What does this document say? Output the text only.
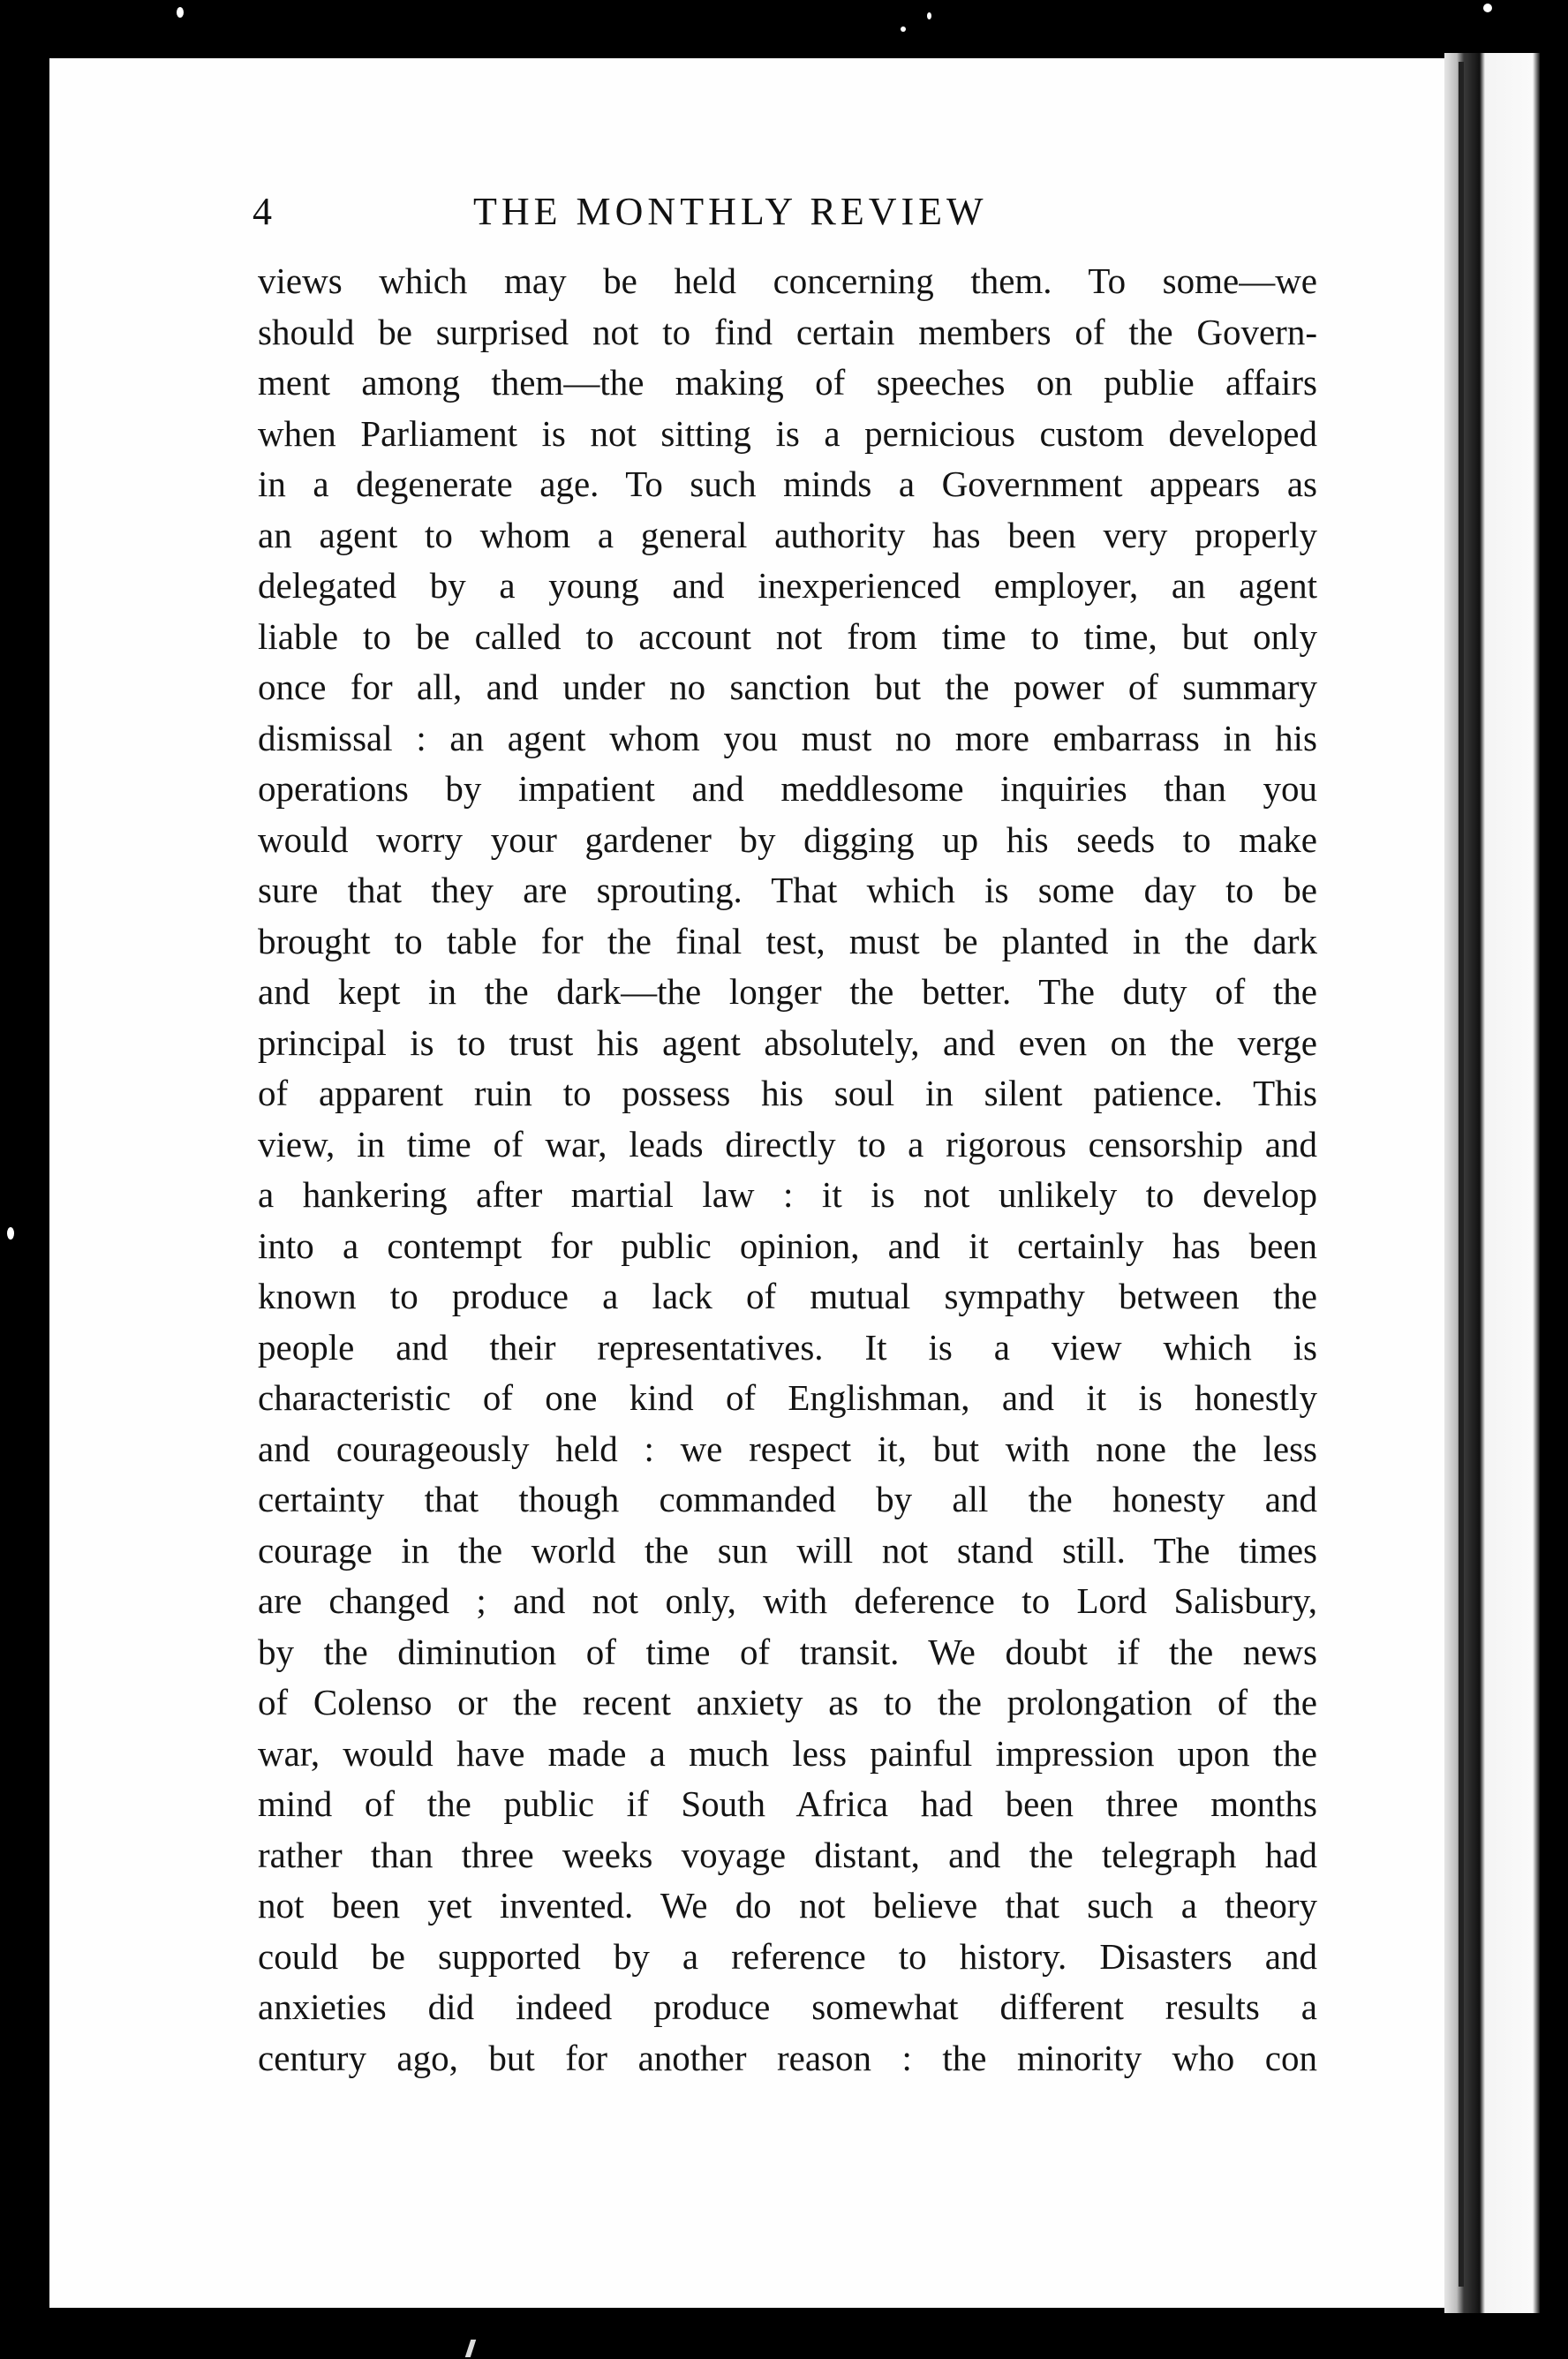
4	THE MONTHLY REVIEW
views which may be held concerning them. To some—we
should be surprised not to find certain members of the Govern-
ment among them—the making of speeches on publie affairs
when Parliament is not sitting is a pernicious custom developed
in a degenerate age. To such minds a Government appears as
an agent to whom a general authority has been very properly
delegated by a young and inexperienced employer, an agent
liable to be called to account not from time to time, but only
once for all, and under no sanction but the power of summary
dismissal : an agent whom you must no more embarrass in his
operations by impatient and meddlesome inquiries than you
would worry your gardener by digging up his seeds to make
sure that they are sprouting. That which is some day to be
brought to table for the final test, must be planted in the dark
and kept in the dark—the longer the better. The duty of the
principal is to trust his agent absolutely, and even on the verge
of apparent ruin to possess his soul in silent patience. This
view, in time of war, leads directly to a rigorous censorship and
a hankering after martial law : it is not unlikely to develop
into a contempt for public opinion, and it certainly has been
known to produce a lack of mutual sympathy between the
people and their representatives. It is a view which is
characteristic of one kind of Englishman, and it is honestly
and courageously held : we respect it, but with none the less
certainty that though commanded by all the honesty and
courage in the world the sun will not stand still. The times
are changed ; and not only, with deference to Lord Salisbury,
by the diminution of time of transit. We doubt if the news
of Colenso or the recent anxiety as to the prolongation of the
war, would have made a much less painful impression upon the
mind of the public if South Africa had been three months
rather than three weeks voyage distant, and the telegraph had
not been yet invented. We do not believe that such a theory
could be supported by a reference to history. Disasters and
anxieties did indeed produce somewhat different results a
century ago, but for another reason : the minority who con
